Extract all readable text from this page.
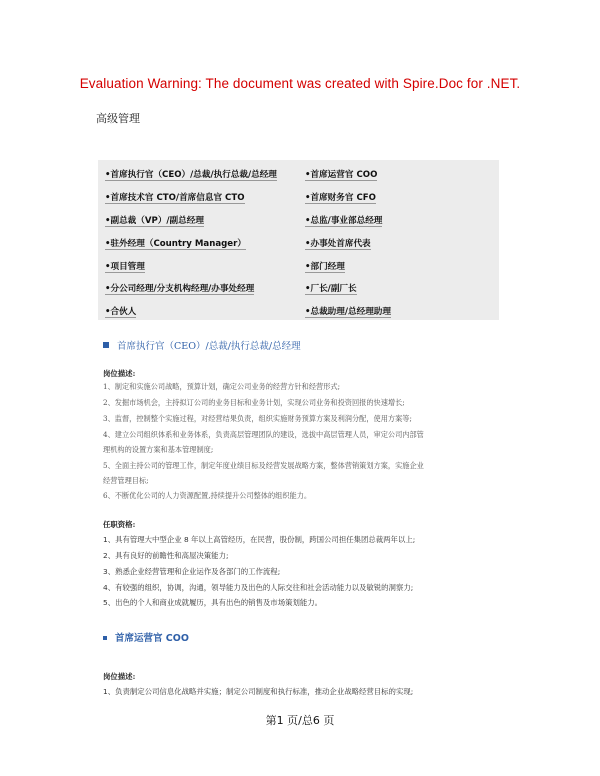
Evaluation Warning: The document was created with Spire.Doc for .NET.
高级管理
•首席执行官（CEO）/总裁/执行总裁/总经理
•首席技术官 CTO/首席信息官 CTO
•副总裁（VP）/副总经理
•驻外经理（Country Manager）
•项目管理
•分公司经理/分支机构经理/办事处经理
•合伙人
•首席运营官 COO
•首席财务官 CFO
•总监/事业部总经理
•办事处首席代表
•部门经理
•厂长/副厂长
•总裁助理/总经理助理
首席执行官（CEO）/总裁/执行总裁/总经理
岗位描述:
1、制定和实施公司战略，预算计划，确定公司业务的经营方针和经营形式;
2、发掘市场机会，主持拟订公司的业务目标和业务计划，实现公司业务和投资回报的快速增长;
3、监督，控制整个实施过程，对经营结果负责，组织实施财务预算方案及利润分配，使用方案等;
4、建立公司组织体系和业务体系，负责高层管理团队的建设，选拔中高层管理人员，审定公司内部管
理机构的设置方案和基本管理制度;
5、全面主持公司的管理工作，制定年度业绩目标及经营发展战略方案，整体营销策划方案，实施企业
经营管理目标;
6、不断优化公司的人力资源配置,持续提升公司整体的组织能力。
任职资格:
1、具有管理大中型企业 8 年以上高管经历，在民营，股份制，跨国公司担任集团总裁两年以上;
2、具有良好的前瞻性和高屋决策能力;
3、熟悉企业经营管理和企业运作及各部门的工作流程;
4、有较强的组织，协调，沟通，领导能力及出色的人际交往和社会活动能力以及敏锐的洞察力;
5、出色的个人和商业成就履历，具有出色的销售及市场策划能力。
首席运营官 COO
岗位描述:
1、负责制定公司信息化战略并实施；制定公司制度和执行标准，推动企业战略经营目标的实现;
第1 页/总6 页
